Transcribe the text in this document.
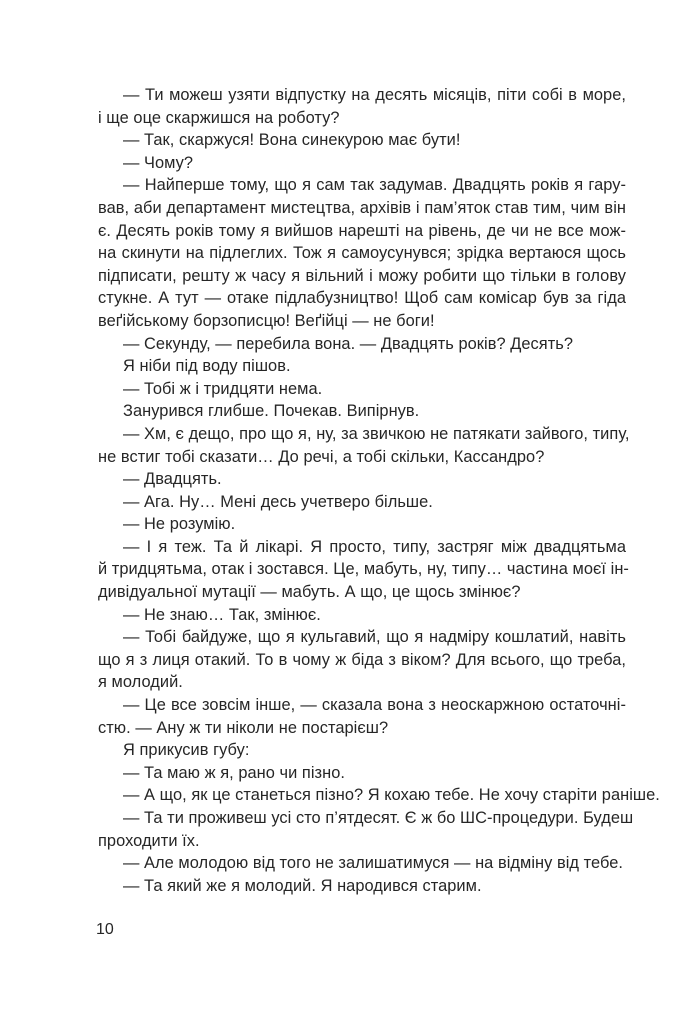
— Ти можеш узяти відпустку на десять місяців, піти собі в море,
і ще оце скаржишся на роботу?
— Так, скаржуся! Вона синекурою має бути!
— Чому?
— Найперше тому, що я сам так задумав. Двадцять років я гару-
вав, аби департамент мистецтва, архівів і пам’яток став тим, чим він
є. Десять років тому я вийшов нарешті на рівень, де чи не все мож-
на скинути на підлеглих. Тож я самоусунувся; зрідка вертаюся щось
підписати, решту ж часу я вільний і можу робити що тільки в голову
стукне. А тут — отаке підлабузництво! Щоб сам комісар був за гіда
веґійському борзописцю! Веґійці — не боги!
— Секунду, — перебила вона. — Двадцять років? Десять?
Я ніби під воду пішов.
— Тобі ж і тридцяти нема.
Занурився глибше. Почекав. Випірнув.
— Хм, є дещо, про що я, ну, за звичкою не патякати зайвого, типу,
не встиг тобі сказати… До речі, а тобі скільки, Кассандро?
— Двадцять.
— Ага. Ну… Мені десь учетверо більше.
— Не розумію.
— І я теж. Та й лікарі. Я просто, типу, застряг між двадцятьма
й тридцятьма, отак і зостався. Це, мабуть, ну, типу… частина моєї ін-
дивідуальної мутації — мабуть. А що, це щось змінює?
— Не знаю… Так, змінює.
— Тобі байдуже, що я кульгавий, що я надміру кошлатий, навіть
що я з лиця отакий. То в чому ж біда з віком? Для всього, що треба,
я молодий.
— Це все зовсім інше, — сказала вона з неоскаржною остаточні-
стю. — Ану ж ти ніколи не постарієш?
Я прикусив губу:
— Та маю ж я, рано чи пізно.
— А що, як це станеться пізно? Я кохаю тебе. Не хочу старіти раніше.
— Та ти проживеш усі сто п’ятдесят. Є ж бо ШС-процедури. Будеш
проходити їх.
— Але молодою від того не залишатимуся — на відміну від тебе.
— Та який же я молодий. Я народився старим.
10
